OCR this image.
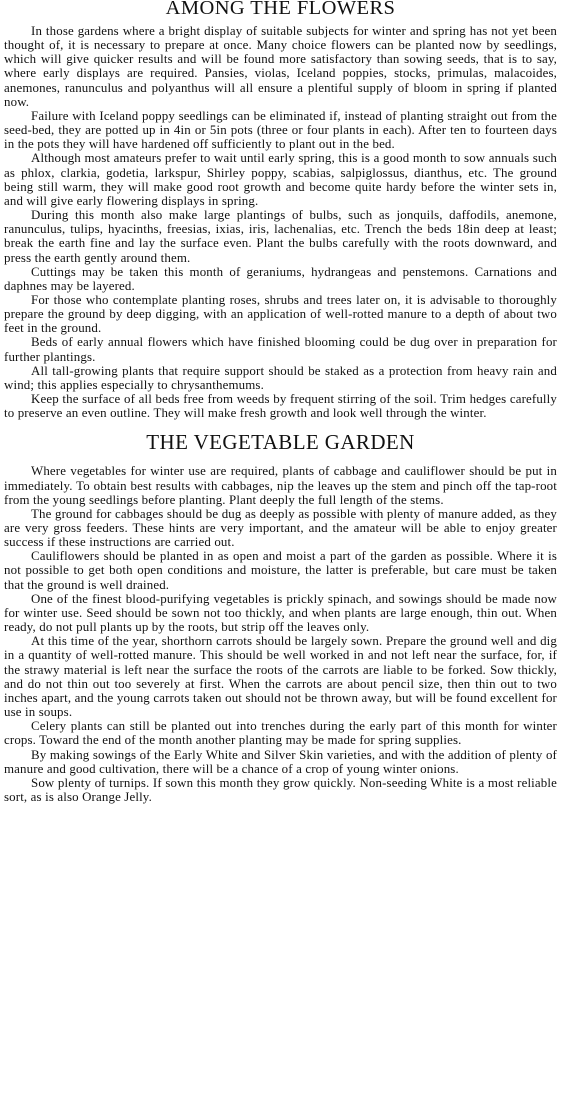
AMONG THE FLOWERS

In those gardens where a bright display of suitable subjects for winter and spring has not yet been thought of, it is necessary to prepare at once. Many choice flowers can be planted now by seedlings, which will give quicker results and will be found more satisfactory than sowing seeds, that is to say, where early displays are required. Pansies, violas, Iceland poppies, stocks, primulas, malacoides, anemones, ranunculus and polyanthus will all ensure a plentiful supply of bloom in spring if planted now.

Failure with Iceland poppy seedlings can be eliminated if, instead of planting straight out from the seed-bed, they are potted up in 4in or 5in pots (three or four plants in each). After ten to fourteen days in the pots they will have hardened off sufficiently to plant out in the bed.

Although most amateurs prefer to wait until early spring, this is a good month to sow annuals such as phlox, clarkia, godetia, larkspur, Shirley poppy, scabias, salpiglossus, dianthus, etc. The ground being still warm, they will make good root growth and become quite hardy before the winter sets in, and will give early flowering displays in spring.

During this month also make large plantings of bulbs, such as jonquils, daffodils, anemone, ranunculus, tulips, hyacinths, freesias, ixias, iris, lachenalias, etc. Trench the beds 18in deep at least; break the earth fine and lay the surface even. Plant the bulbs carefully with the roots downward, and press the earth gently around them.

Cuttings may be taken this month of geraniums, hydrangeas and penstemons. Carnations and daphnes may be layered.

For those who contemplate planting roses, shrubs and trees later on, it is advisable to thoroughly prepare the ground by deep digging, with an application of well-rotted manure to a depth of about two feet in the ground.

Beds of early annual flowers which have finished blooming could be dug over in preparation for further plantings.

All tall-growing plants that require support should be staked as a protection from heavy rain and wind; this applies especially to chrysanthemums.

Keep the surface of all beds free from weeds by frequent stirring of the soil. Trim hedges carefully to preserve an even outline. They will make fresh growth and look well through the winter.

THE VEGETABLE GARDEN

Where vegetables for winter use are required, plants of cabbage and cauliflower should be put in immediately. To obtain best results with cabbages, nip the leaves up the stem and pinch off the tap-root from the young seedlings before planting. Plant deeply the full length of the stems.

The ground for cabbages should be dug as deeply as possible with plenty of manure added, as they are very gross feeders. These hints are very important, and the amateur will be able to enjoy greater success if these instructions are carried out.

Cauliflowers should be planted in as open and moist a part of the garden as possible. Where it is not possible to get both open conditions and moisture, the latter is preferable, but care must be taken that the ground is well drained.

One of the finest blood-purifying vegetables is prickly spinach, and sowings should be made now for winter use. Seed should be sown not too thickly, and when plants are large enough, thin out. When ready, do not pull plants up by the roots, but strip off the leaves only.

At this time of the year, shorthorn carrots should be largely sown. Prepare the ground well and dig in a quantity of well-rotted manure. This should be well worked in and not left near the surface, for, if the strawy material is left near the surface the roots of the carrots are liable to be forked. Sow thickly, and do not thin out too severely at first. When the carrots are about pencil size, then thin out to two inches apart, and the young carrots taken out should not be thrown away, but will be found excellent for use in soups.

Celery plants can still be planted out into trenches during the early part of this month for winter crops. Toward the end of the month another planting may be made for spring supplies.

By making sowings of the Early White and Silver Skin varieties, and with the addition of plenty of manure and good cultivation, there will be a chance of a crop of young winter onions.

Sow plenty of turnips. If sown this month they grow quickly. Non-seeding White is a most reliable sort, as is also Orange Jelly.
